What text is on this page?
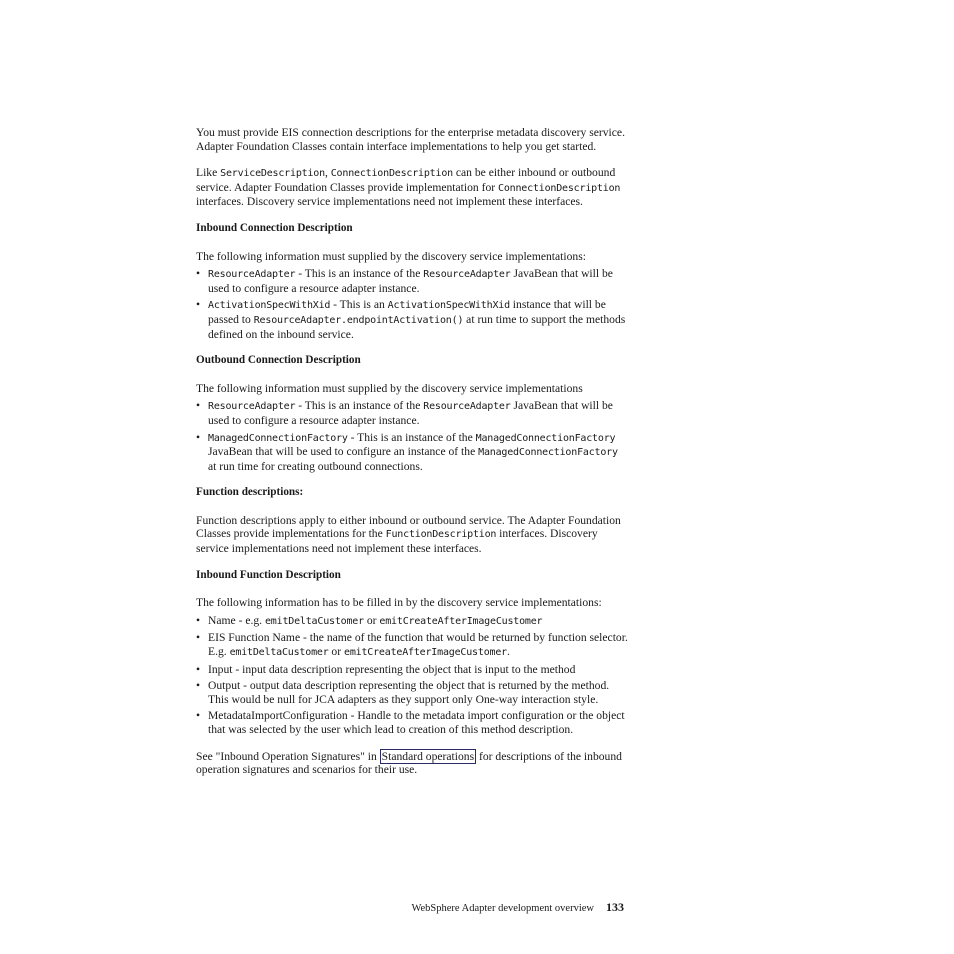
You must provide EIS connection descriptions for the enterprise metadata discovery service. Adapter Foundation Classes contain interface implementations to help you get started.

Like ServiceDescription, ConnectionDescription can be either inbound or outbound service. Adapter Foundation Classes provide implementation for ConnectionDescription interfaces. Discovery service implementations need not implement these interfaces.

Inbound Connection Description

The following information must supplied by the discovery service implementations:

• ResourceAdapter - This is an instance of the ResourceAdapter JavaBean that will be used to configure a resource adapter instance.
• ActivationSpecWithXid - This is an ActivationSpecWithXid instance that will be passed to ResourceAdapter.endpointActivation() at run time to support the methods defined on the inbound service.

Outbound Connection Description

The following information must supplied by the discovery service implementations

• ResourceAdapter - This is an instance of the ResourceAdapter JavaBean that will be used to configure a resource adapter instance.
• ManagedConnectionFactory - This is an instance of the ManagedConnectionFactory JavaBean that will be used to configure an instance of the ManagedConnectionFactory at run time for creating outbound connections.

Function descriptions:

Function descriptions apply to either inbound or outbound service. The Adapter Foundation Classes provide implementations for the FunctionDescription interfaces. Discovery service implementations need not implement these interfaces.

Inbound Function Description

The following information has to be filled in by the discovery service implementations:

• Name - e.g. emitDeltaCustomer or emitCreateAfterImageCustomer
• EIS Function Name - the name of the function that would be returned by function selector. E.g. emitDeltaCustomer or emitCreateAfterImageCustomer.
• Input - input data description representing the object that is input to the method
• Output - output data description representing the object that is returned by the method. This would be null for JCA adapters as they support only One-way interaction style.
• MetadataImportConfiguration - Handle to the metadata import configuration or the object that was selected by the user which lead to creation of this method description.

See "Inbound Operation Signatures" in Standard operations for descriptions of the inbound operation signatures and scenarios for their use.

WebSphere Adapter development overview 133
